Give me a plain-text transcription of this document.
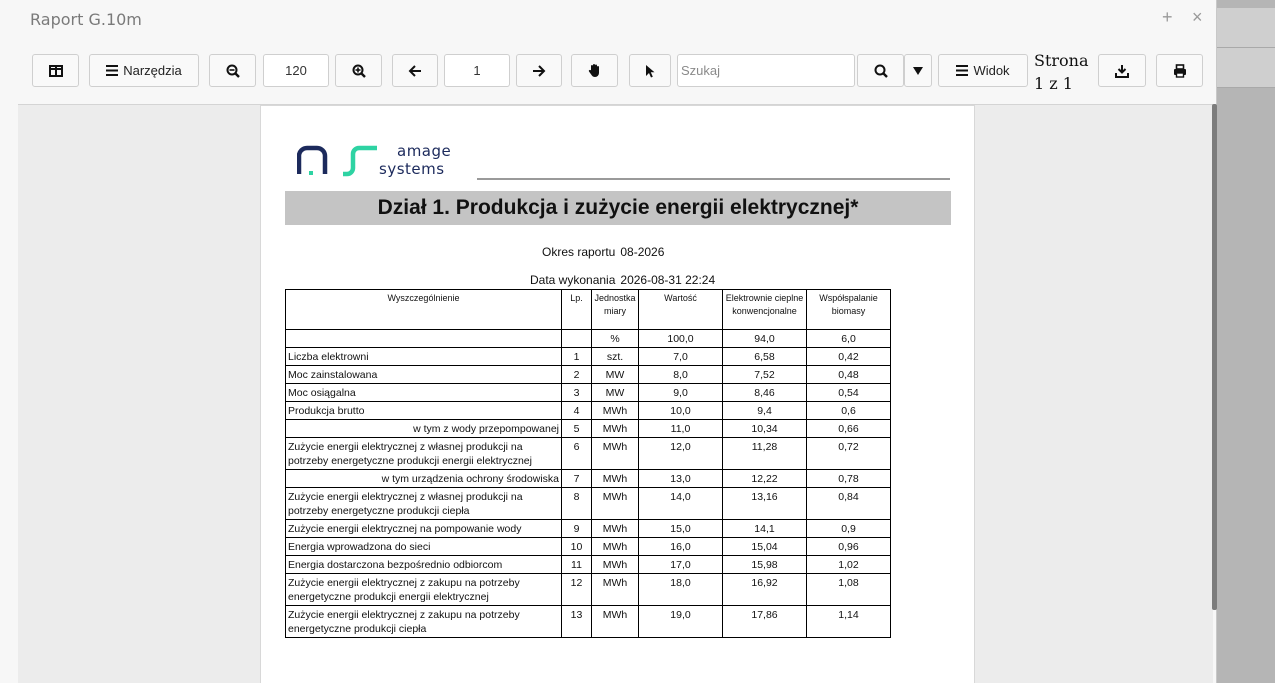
Raport G.10m	+ ×
Narzędzia
120
1
Szukaj	Widok
Strona
1 z 1
amage
systems
Dział 1. Produkcja i zużycie energii elektrycznej*
Okres raportu 08-2026
Data wykonania 2026-08-31 22:24
Wyszczególnienie	Lp.	Jednostka miary	Wartość	Elektrownie cieplne konwencjonalne	Współspalanie biomasy
		%	100,0	94,0	6,0
Liczba elektrowni	1	szt.	7,0	6,58	0,42
Moc zainstalowana	2	MW	8,0	7,52	0,48
Moc osiągalna	3	MW	9,0	8,46	0,54
Produkcja brutto	4	MWh	10,0	9,4	0,6
w tym z wody przepompowanej	5	MWh	11,0	10,34	0,66
Zużycie energii elektrycznej z własnej produkcji na potrzeby energetyczne produkcji energii elektrycznej	6	MWh	12,0	11,28	0,72
w tym urządzenia ochrony środowiska	7	MWh	13,0	12,22	0,78
Zużycie energii elektrycznej z własnej produkcji na potrzeby energetyczne produkcji ciepła	8	MWh	14,0	13,16	0,84
Zużycie energii elektrycznej na pompowanie wody	9	MWh	15,0	14,1	0,9
Energia wprowadzona do sieci	10	MWh	16,0	15,04	0,96
Energia dostarczona bezpośrednio odbiorcom	11	MWh	17,0	15,98	1,02
Zużycie energii elektrycznej z zakupu na potrzeby energetyczne produkcji energii elektrycznej	12	MWh	18,0	16,92	1,08
Zużycie energii elektrycznej z zakupu na potrzeby energetyczne produkcji ciepła	13	MWh	19,0	17,86	1,14
